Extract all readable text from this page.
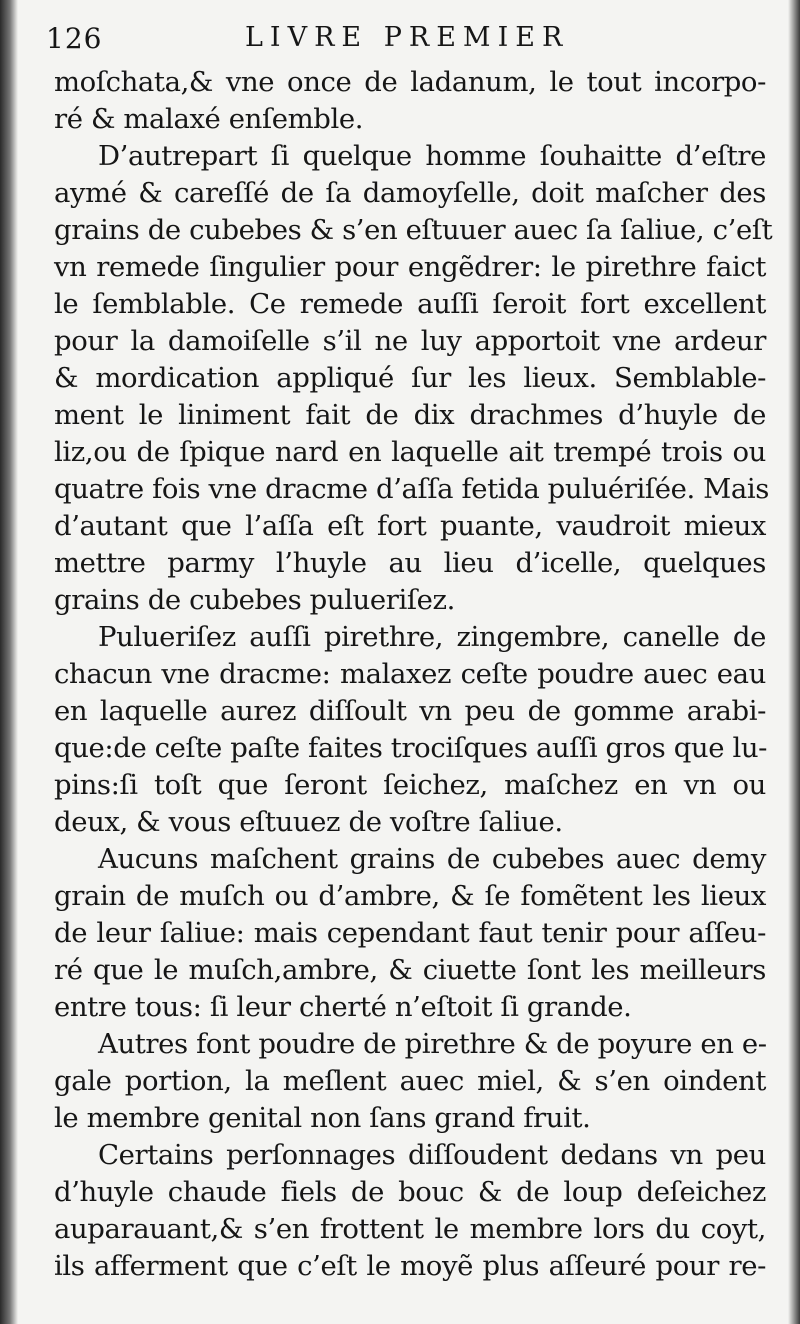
126	LIVRE PREMIER
moſchata,& vne once de ladanum, le tout incorpo-
ré & malaxé enſemble.
D’autrepart ſi quelque homme ſouhaitte d’eſtre
aymé & careſſé de ſa damoyſelle, doit maſcher des
grains de cubebes & s’en eſtuuer auec ſa ſaliue, c’eſt
vn remede ſingulier pour engẽdrer: le pirethre faict
le ſemblable. Ce remede auſſi ſeroit fort excellent
pour la damoiſelle s’il ne luy apportoit vne ardeur
& mordication appliqué ſur les lieux. Semblable-
ment le liniment fait de dix drachmes d’huyle de
liz,ou de ſpique nard en laquelle ait trempé trois ou
quatre fois vne dracme d’aſſa fetida puluériſée. Mais
d’autant que l’aſſa eſt fort puante, vaudroit mieux
mettre parmy l’huyle au lieu d’icelle, quelques
grains de cubebes pulueriſez.
Pulueriſez auſſi pirethre, zingembre, canelle de
chacun vne dracme: malaxez ceſte poudre auec eau
en laquelle aurez diſſoult vn peu de gomme arabi-
que:de ceſte paſte faites trociſques auſſi gros que lu-
pins:ſi toſt que ſeront ſeichez, maſchez en vn ou
deux, & vous eſtuuez de voſtre ſaliue.
Aucuns maſchent grains de cubebes auec demy
grain de muſch ou d’ambre, & ſe fomẽtent les lieux
de leur ſaliue: mais cependant faut tenir pour aſſeu-
ré que le muſch,ambre, & ciuette ſont les meilleurs
entre tous: ſi leur cherté n’eſtoit ſi grande.
Autres font poudre de pirethre & de poyure en e-
gale portion, la meſlent auec miel, & s’en oindent
le membre genital non ſans grand fruit.
Certains perſonnages diſſoudent dedans vn peu
d’huyle chaude fiels de bouc & de loup deſeichez
auparauant,& s’en frottent le membre lors du coyt,
ils afferment que c’eſt le moyẽ plus aſſeuré pour re-
